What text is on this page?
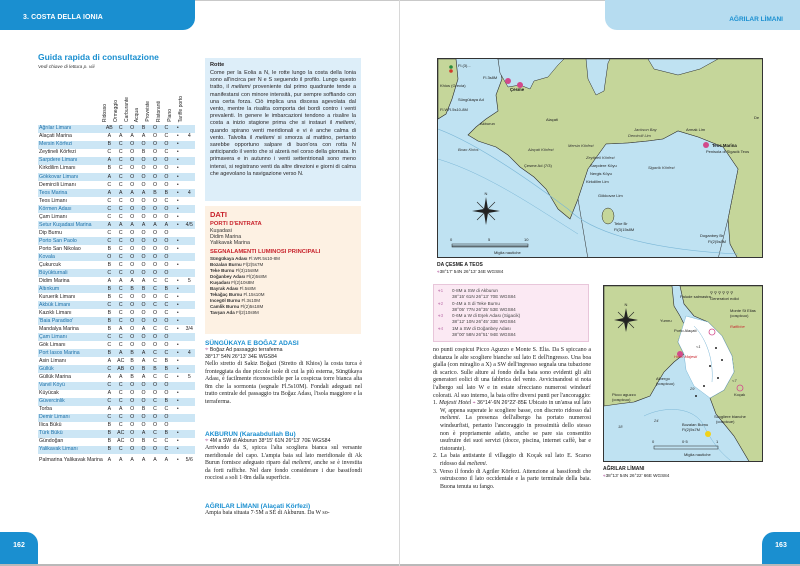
3. COSTA DELLA IONIA
Guida rapida di consultazione
Vedi chiave di lettura p. viii
Ridosso Ormeggio Carburante Acqua Provviste Ristoranti Piano Tariffe porto
Ağrılar Limanı	AB	C	O	B	O	C	•	
Alaçati Marina	A	A	A	A	O	C	•	4
Mersin Körfezi	B	C	O	O	O	O	•	
Zeytineli Körfezi	C	C	O	B	O	C	•	
Sarpdere Limanı	A	C	O	O	O	O	•	
Kirkdilim Limanı	B	C	O	O	O	O	•	
Gökkovar Limanı	A	C	O	O	O	O	•	
Demircili Limanı	C	C	O	O	O	O	•	
Teos Marina	A	A	A	A	B	B	•	4
Teos Limanı	C	C	O	O	O	C	•	
Körmen Adası	C	C	O	O	O	O	•	
Çam Limanı	C	C	O	O	O	O	•	
Setur Kuşadasi Marina	A	A	A	A	A	A	•	4/5
Dip Burnu	C	C	O	O	O	O		
Porto San Paolo	C	C	O	O	O	O	•	
Porto San Nikolao	B	C	O	O	O	O	•	
Kovala	O	C	O	O	O	O		
Çukurcuk	B	C	O	O	O	O	•	
Büyükturnali	C	C	O	O	O	O		
Didim Marina	A	A	A	A	C	C	•	5
Altınkum	B	C	B	B	C	B	•	
Kuruerik Limanı	B	C	O	O	O	C	•	
Akbük Limanı	C	C	O	O	C	C	•	
Kazıklı Limanı	B	C	O	O	O	C	•	
'Baia Paradiso'	B	C	O	O	O	O	•	
Mandalya Marina	B	A	O	A	C	C	•	3/4
Çam Limanı	C	C	O	O	O	O		
Gök Limanı	C	C	O	O	O	O	•	
Port Iasos Marina	B	A	B	A	C	C	•	4
Asin Limanı	A	AC	B	A	C	B	•	
Güllük	C	AB	O	B	B	B	•	
Güllük Marina	A	A	B	A	C	C	•	5
Varvil Köyü	C	C	O	O	O	O		
Küyücak	A	C	O	O	O	O	•	
Güvercinlik	C	C	O	O	C	B	•	
Torba	A	A	O	B	C	C	•	
Demir Limanı	C	C	O	O	O	O		
Ilica Bükü	B	C	O	O	O	O		
Türk Bükü	B	AC	O	A	C	B	•	
Gündoğan	B	AC	O	B	C	C	•	
Yalikavak Limanı	B	C	O	O	O	C	•	
Palmarina Yalikavak Marina	A	A	A	A	A	A	•	5/6
Rotte

Come per la Eolia a N, le rotte lungo la costa della Ionia sono all'incirca per N e S seguendo il profilo. Lungo questo tratto, il meltemi proveniente dal primo quadrante tende a manifestarsi con minore intensità, pur sempre soffiando con una certa forza. Ciò implica una discesa agevolata dal vento, mentre la risalita comporta dei bordi contro i venti prevalenti. In genere le imbarcazioni tendono a risalire la costa a inizio stagione prima che si instauri il meltemi, quando spirano venti meridionali e vi è anche calma di vento. Talvolta il meltemi si smorza al mattino, pertanto sarebbe opportuno salpare di buon'ora con rotta N anticipando il vento che si alzerà nel corso della giornata. In primavera e in autunno i venti settentrionali sono meno intensi, si registrano venti da altre direzioni e giorni di calma che agevolano la navigazione verso N.

DATI
PORTI D'ENTRATA
Kuşadasi
Didim Marina
Yalikavak Marina
SEGNALAMENTI LUMINOSI PRINCIPALI
Süngükaya Adası Fl.WR.5s10-8M
Bozalan Burnu Fl(2)5s7M
Teke Burnu Fl(3)15s8M
Doğanbey Adası Fl(2)5s8M
Kuşadası Fl(2)10s8M
Bayrak Adası Fl.5s8M
Tekağaç Burnu Fl.15s10M
Incegöl Burnu Fl.3s10M
Camlik Burnu Fl(2)5s18M
Tavşan Ada Fl(2)10s9M
SÜNGÜKAYA E BOĞAZ ADASI
⌖ Boğaz Ad passaggio terraferma
38°17' 54N 26°13' 34E WGS84

Nello stretto di Sakiz Boğazi (Stretto di Khios) la costa turca è fronteggiata da due piccole isole di cui la più esterna, Süngükaya Adası, è facilmente riconoscibile per la cospicua torre bianca alta 8m che la sormonta (segnale Fl.5s10M). Fondali adeguati nel tratto centrale del passaggio tra Boğaz Adası, l'isola maggiore e la terraferma.

AKBURUN (Karaabdullah Bu)
⌖ 4M a SW di Akburun 38°15' 61N 26°13' 70E WGS84

Arrivando da S, spicca l'alta scogliera bianca sul versante meridionale del capo. L'ampia baia sul lato meridionale di Ak Burun fornisce adeguato riparo dal meltemi, anche se è investita da forti raffiche. Nel dare fondo considerare i due bassifondi rocciosi a soli 1·8m dalla superficie.

AĞRILAR LİMANI (Alaçati Körfezi)

Ampia baia situata 7·5M a SE di Akburun. Da W so-

162
AĞRILAR LİMANI
N
0	5	10
Miglia nautiche
Khios (Grecia)
Fl.(3)...
Çesme
Fl.3s8M
Süngükaya Ad
Fl.WR.5s10-8M
Akburun
Alaçati
Boao Khios	Alaçati Körfezi
Mersin Körfezi
Zeytineli Körfezi
Çesme Ad (7/3)	Sarpdere Köyu
Nergis Köyu
Kirkdilim Lim
Gökkovar Lim
Jackson Bay
Demircili Lim
Armak Lim
Teos Marina
Penisola di Sigacik Teos
Sigacik Körfezi
Teke Br
Fl(3)15s8M
Doganbey Br
Fl(2)5s8M
De
DA ÇESME A TEOS
⌖38°17' 54N 26°13' 34E WGS84
⌖1	0·8M a SW di Akburun
38°15' 61N 26°13' 70E WGS84
⌖2	0·4M a S di Teke Burnu
38°05' 77N 26°35' 53E WGS84
⌖3	0·6M a W di Eşek Adası (Sigacik)
38°12' 10N 26°45' 33E WGS84
⌖4	1M a SW di Doğanbey Adası
38°00' 58N 26°51' 94E WGS84

no punti cospicui Picco Aguzzo e Monte S. Elia. Da S spiccano a distanza le alte scogliere bianche sul lato E dell'ingresso. Una boa gialla (con miraglio a X) a SW dell'ingresso segnala una tubazione di scarico. Sulle alture al fondo della baia sono evidenti gli alti generatori eolici di una fabbrica del vento. Avvicinandosi si nota l'albergo sul lato W e in estate sfrecciano numerosi windsurf colorati. Al suo interno, la baia offre diversi punti per l'ancoraggio:

1. Majesti Hotel ⌖ 36°14'·6N 26°22'·85E Ubicato in un'ansa sul lato W, appena superate le scogliere basse, con discreto ridosso dal meltemi. La presenza dell'albergo ha portato numerosi windsurfisti, pertanto l'ancoraggio in prossimità dello stesso non è propriamente adatto, anche se pare sia consentito usufruire dei suoi servizi (docce, piscina, internet caffè, bar e ristorante).
2. La baia antistante il villaggio di Koçak sul lato E. Scarso ridosso dal meltemi.
3. Verso il fondo di Agriler Körfezi. Attenzione ai bassifondi che ostruiscono il lato occidentale e la parte terminale della baia. Buona tenuta su fango.
N
⚲ ⚲ ⚲ ⚲ ⚲ ⚲
0	0·5	1
Miglia nautiche
Palude salmastra Generatori eolici
Monte St Elias
(cospicuo)
Raffiche
Yumru
Porto Alaçati
Hotel Majesti
Albergo
(cospicuo)
Picco aguzzo
(cospicuo)
Koçak
Scogliere bianche
(cospicue)
Bozalan Burnu
Fl(2)5s7M
24
18
29
<7
<1
AĞRILAR LİMANI
⌖38°13' 54N 26°22' 66E WGS84
163
